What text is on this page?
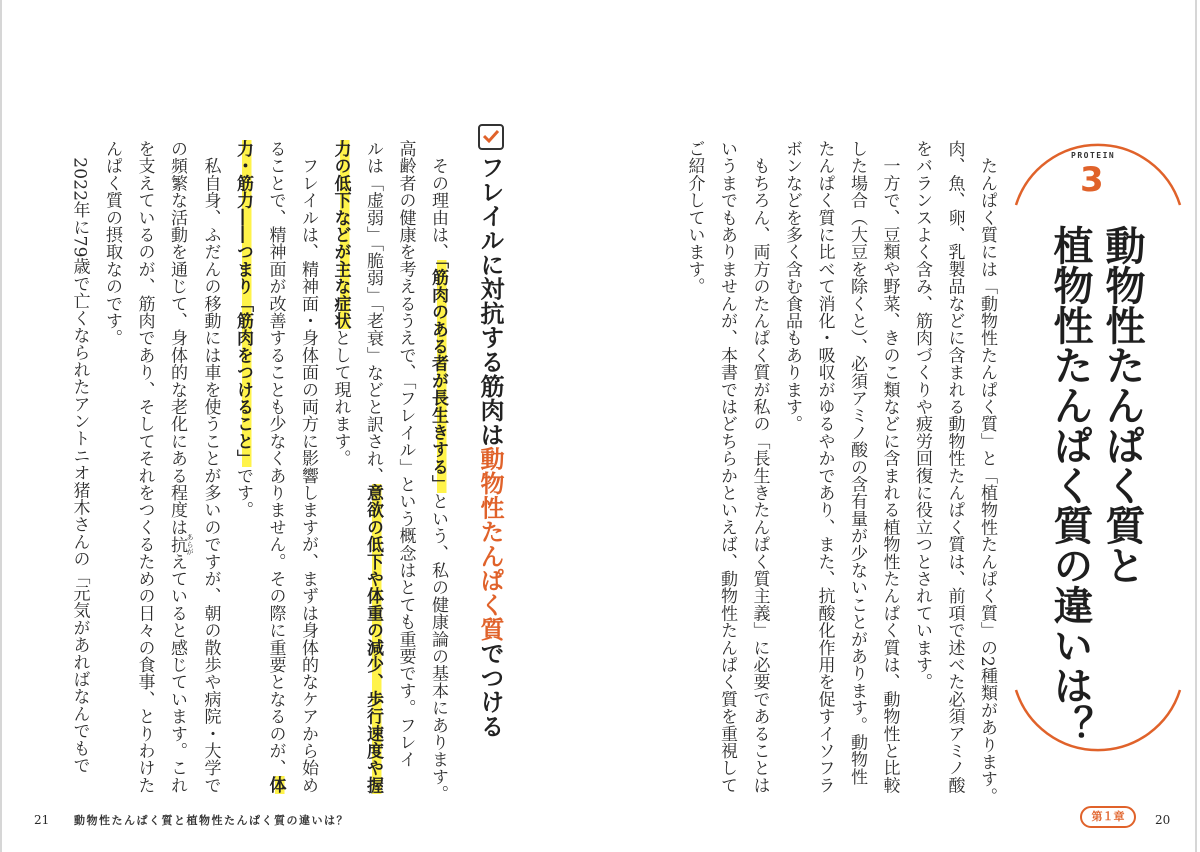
PROTEIN
3
動物性たんぱく質と
植物性たんぱく質の違いは？
　たんぱく質には「動物性たんぱく質」と「植物性たんぱく質」の2種類があります。
肉、魚、卵、乳製品などに含まれる動物性たんぱく質は、前項で述べた必須アミノ酸
をバランスよく含み、筋肉づくりや疲労回復に役立つとされています。
　一方で、豆類や野菜、きのこ類などに含まれる植物性たんぱく質は、動物性と比較
した場合（大豆を除くと）、必須アミノ酸の含有量が少ないことがあります。動物性
たんぱく質に比べて消化・吸収がゆるやかであり、また、抗酸化作用を促すイソフラ
ボンなどを多く含む食品もあります。
　もちろん、両方のたんぱく質が私の「長生きたんぱく質主義」に必要であることは
いうまでもありませんが、本書ではどちらかといえば、動物性たんぱく質を重視して
ご紹介しています。
フレイルに対抗する筋肉は動物性たんぱく質でつける
　その理由は、「筋肉のある者が長生きする」という、私の健康論の基本にあります。
高齢者の健康を考えるうえで、「フレイル」という概念はとても重要です。フレイ
ルは「虚弱」「脆弱」「老衰」などと訳され、意欲の低下や体重の減少、歩行速度や握
力の低下などが主な症状として現れます。
　フレイルは、精神面・身体面の両方に影響しますが、まずは身体的なケアから始め
ることで、精神面が改善することも少なくありません。その際に重要となるのが、体
力・筋力――つまり「筋肉をつけること」です。
　私自身、ふだんの移動には車を使うことが多いのですが、朝の散歩や病院・大学で
の頻繁な活動を通じて、身体的な老化にある程度は抗 あらがえていると感じています。これ
を支えているのが、筋肉であり、そしてそれをつくるための日々の食事、とりわけた
んぱく質の摂取なのです。
　2022年に79歳で亡くなられたアントニオ猪木さんの「元気があればなんでもで
21 動物性たんぱく質と植物性たんぱく質の違いは？	第１章	20
